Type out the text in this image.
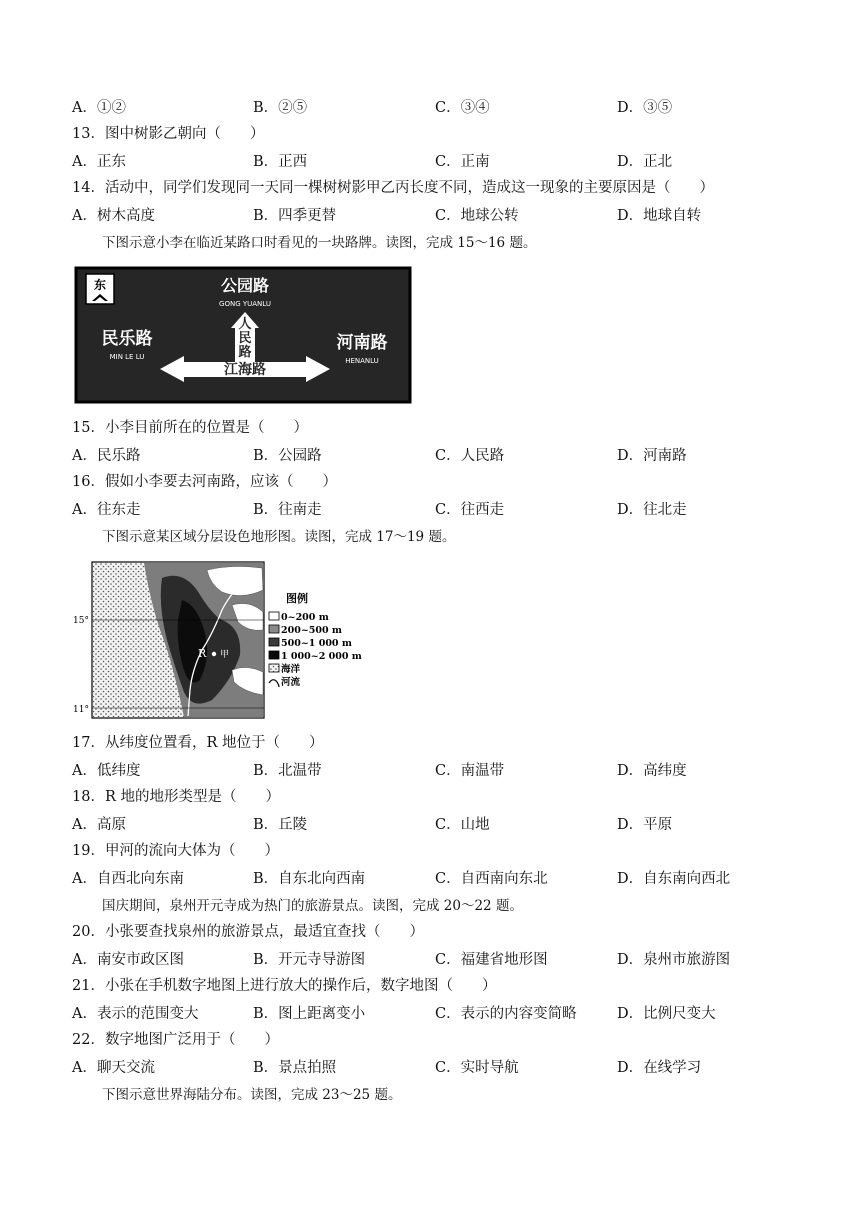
A．①②	B．②⑤	C．③④	D．③⑤
13．图中树影乙朝向（　　）
A．正东	B．正西	C．正南	D．正北
14．活动中，同学们发现同一天同一棵树树影甲乙丙长度不同，造成这一现象的主要原因是（　　）
A．树木高度	B．四季更替	C．地球公转	D．地球自转
下图示意小李在临近某路口时看见的一块路牌。读图，完成 15～16 题。
东	公园路
GONG YUANLU
民乐路
MIN LE LU
河南路
HENANLU
人
民
路
江海路
15．小李目前所在的位置是（　　）
A．民乐路	B．公园路	C．人民路	D．河南路
16．假如小李要去河南路，应该（　　）
A．往东走	B．往南走	C．往西走	D．往北走
下图示意某区域分层设色地形图。读图，完成 17～19 题。
15°
11°
R 甲
图例
0~200 m
200~500 m
500~1 000 m
1 000~2 000 m
海洋
河流
17．从纬度位置看，R 地位于（　　）
A．低纬度	B．北温带	C．南温带	D．高纬度
18．R 地的地形类型是（　　）
A．高原	B．丘陵	C．山地	D．平原
19．甲河的流向大体为（　　）
A．自西北向东南	B．自东北向西南	C．自西南向东北	D．自东南向西北
国庆期间，泉州开元寺成为热门的旅游景点。读图，完成 20～22 题。
20．小张要查找泉州的旅游景点，最适宜查找（　　）
A．南安市政区图	B．开元寺导游图	C．福建省地形图	D．泉州市旅游图
21．小张在手机数字地图上进行放大的操作后，数字地图（　　）
A．表示的范围变大	B．图上距离变小	C．表示的内容变简略	D．比例尺变大
22．数字地图广泛用于（　　）
A．聊天交流	B．景点拍照	C．实时导航	D．在线学习
下图示意世界海陆分布。读图，完成 23～25 题。
